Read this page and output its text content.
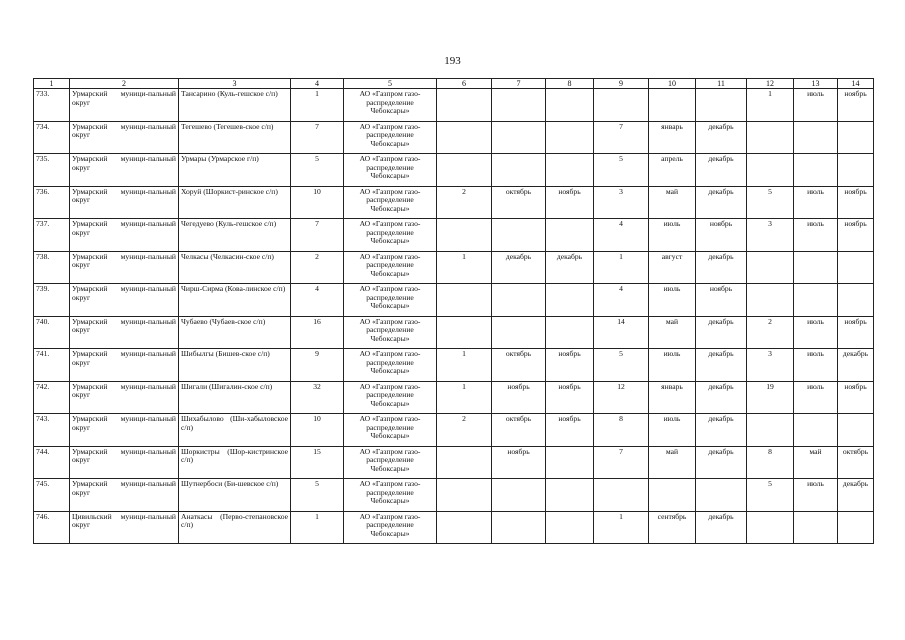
193
1	2	3	4	5	6	7	8	9	10	11	12	13	14
733.	Урмарский муници-пальный округ	Тансарино (Куль-гешское с/п)	1	АО «Газпром газо-распределение Чебоксары»							1	июль	ноябрь
734.	Урмарский муници-пальный округ	Тегешево (Тегешев-ское с/п)	7	АО «Газпром газо-распределение Чебоксары»				7	январь	декабрь			
735.	Урмарский муници-пальный округ	Урмары (Урмарское г/п)	5	АО «Газпром газо-распределение Чебоксары»				5	апрель	декабрь			
736.	Урмарский муници-пальный округ	Хоруй (Шоркист-ринское с/п)	10	АО «Газпром газо-распределение Чебоксары»	2	октябрь	ноябрь	3	май	декабрь	5	июль	ноябрь
737.	Урмарский муници-пальный округ	Чегедуево (Куль-гешское с/п)	7	АО «Газпром газо-распределение Чебоксары»				4	июль	ноябрь	3	июль	ноябрь
738.	Урмарский муници-пальный округ	Челкасы (Челкасин-ское с/п)	2	АО «Газпром газо-распределение Чебоксары»	1	декабрь	декабрь	1	август	декабрь			
739.	Урмарский муници-пальный округ	Чирш-Сирма (Кова-линское с/п)	4	АО «Газпром газо-распределение Чебоксары»				4	июль	ноябрь			
740.	Урмарский муници-пальный округ	Чубаево (Чубаев-ское с/п)	16	АО «Газпром газо-распределение Чебоксары»				14	май	декабрь	2	июль	ноябрь
741.	Урмарский муници-пальный округ	Шибылгы (Бишев-ское с/п)	9	АО «Газпром газо-распределение Чебоксары»	1	октябрь	ноябрь	5	июль	декабрь	3	июль	декабрь
742.	Урмарский муници-пальный округ	Шигали (Шигалин-ское с/п)	32	АО «Газпром газо-распределение Чебоксары»	1	ноябрь	ноябрь	12	январь	декабрь	19	июль	ноябрь
743.	Урмарский муници-пальный округ	Шихабылово (Ши-хабыловское с/п)	10	АО «Газпром газо-распределение Чебоксары»	2	октябрь	ноябрь	8	июль	декабрь			
744.	Урмарский муници-пальный округ	Шоркистры (Шор-кистринское с/п)	15	АО «Газпром газо-распределение Чебоксары»		ноябрь		7	май	декабрь	8	май	октябрь
745.	Урмарский муници-пальный округ	Шутнербоси (Би-шевское с/п)	5	АО «Газпром газо-распределение Чебоксары»							5	июль	декабрь
746.	Цивильский муници-пальный округ	Анаткасы (Перво-степановское с/п)	1	АО «Газпром газо-распределение Чебоксары»				1	сентябрь	декабрь			
